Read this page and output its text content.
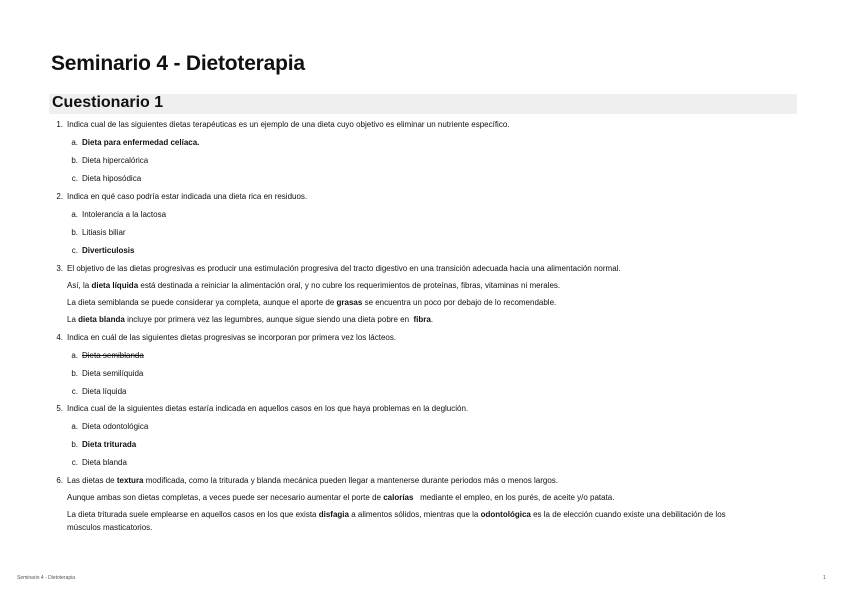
Seminario 4 - Dietoterapia
Cuestionario 1
1. Indica cual de las siguientes dietas terapéuticas es un ejemplo de una dieta cuyo objetivo es eliminar un nutriente específico.
a. Dieta para enfermedad celíaca.
b. Dieta hipercalórica
c. Dieta hiposódica
2. Indica en qué caso podría estar indicada una dieta rica en residuos.
a. Intolerancia a la lactosa
b. Litiasis biliar
c. Diverticulosis
3. El objetivo de las dietas progresivas es producir una estimulación progresiva del tracto digestivo en una transición adecuada hacia una alimentación normal.
Así, la dieta líquida está destinada a reiniciar la alimentación oral, y no cubre los requerimientos de proteínas, fibras, vitaminas ni merales.
La dieta semiblanda se puede considerar ya completa, aunque el aporte de grasas se encuentra un poco por debajo de lo recomendable.
La dieta blanda incluye por primera vez las legumbres, aunque sigue siendo una dieta pobre en fibra.
4. Indica en cuál de las siguientes dietas progresivas se incorporan por primera vez los lácteos.
a. Dieta semiblanda
b. Dieta semilíquida
c. Dieta líquida
5. Indica cual de la siguientes dietas estaría indicada en aquellos casos en los que haya problemas en la deglución.
a. Dieta odontológica
b. Dieta triturada
c. Dieta blanda
6. Las dietas de textura modificada, como la triturada y blanda mecánica pueden llegar a mantenerse durante periodos más o menos largos.
Aunque ambas son dietas completas, a veces puede ser necesario aumentar el porte de calorías mediante el empleo, en los purés, de aceite y/o patata.
La dieta triturada suele emplearse en aquellos casos en los que exista disfagia a alimentos sólidos, mientras que la odontológica es la de elección cuando existe una debilitación de los
músculos masticatorios.
Seminario 4 - Dietoterapia	1
